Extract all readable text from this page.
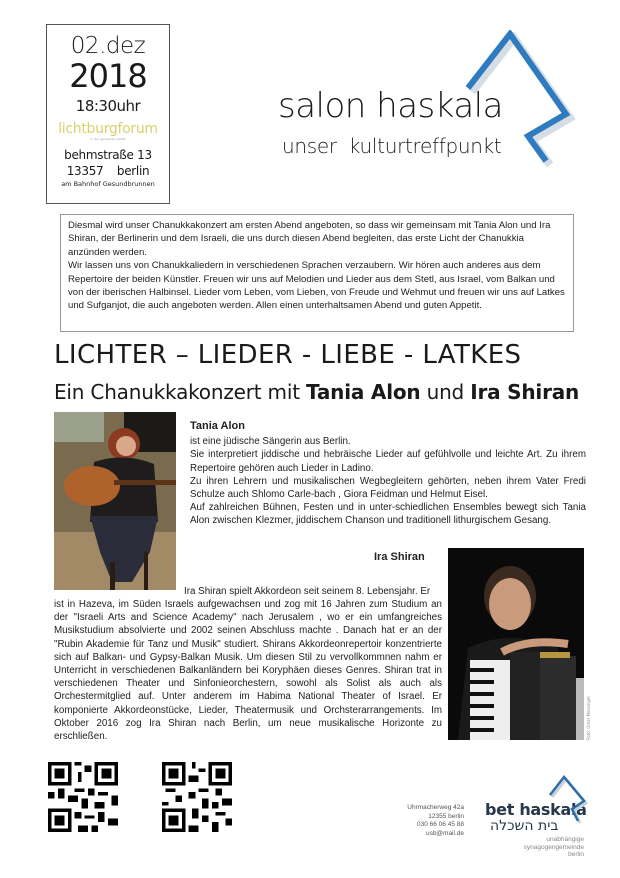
02.dez
2018
18:30uhr
lichtburgforum
in der gemeinde stadtk
behmstraße 13
13357 berlin
am Bahnhof Gesundbrunnen
salon haskala
unser kulturtreffpunkt

Diesmal wird unser Chanukkakonzert am ersten Abend angeboten, so dass wir gemeinsam mit Tania Alon und Ira Shiran, der Berlinerin und dem Israeli, die uns durch diesen Abend begleiten, das erste Licht der Chanukkia anzünden werden.

Wir lassen uns von Chanukkaliedern in verschiedenen Sprachen verzaubern. Wir hören auch anderes aus dem Repertoire der beiden Künstler. Freuen wir uns auf Melodien und Lieder aus dem Stetl, aus Israel, vom Balkan und von der iberischen Halbinsel. Lieder vom Leben, vom Lieben, von Freude und Wehmut und freuen wir uns auf Latkes und Sufganjot, die auch angeboten werden. Allen einen unterhaltsamen Abend und guten Appetit.

LICHTER – LIEDER - LIEBE - LATKES
Ein Chanukkakonzert mit Tania Alon und Ira Shiran
Tania Alon

ist eine jüdische Sängerin aus Berlin.

Sie interpretiert jiddische und hebräische Lieder auf gefühlvolle und leichte Art. Zu ihrem Repertoire gehören auch Lieder in Ladino.

Zu ihren Lehrern und musikalischen Wegbegleitern gehörten, neben ihrem Vater Fredi Schulze auch Shlomo Carle-bach , Giora Feidman und Helmut Eisel.

Auf zahlreichen Bühnen, Festen und in unter-schiedlichen Ensembles bewegt sich Tania Alon zwischen Klezmer, jiddischem Chanson und traditionell lithurgischem Gesang.

Ira Shiran
Ira Shiran spielt Akkordeon seit seinem 8. Lebensjahr. Er
ist in Hazeva, im Süden Israels aufgewachsen und zog mit 16 Jahren zum Studium an der "Israeli Arts and Science Academy" nach Jerusalem , wo er ein umfangreiches Musikstudium absolvierte und 2002 seinen Abschluss machte . Danach hat er an der "Rubin Akademie für Tanz und Musik" studiert. Shirans Akkordeonrepertoir konzentrierte sich auf Balkan- und Gypsy-Balkan Musik. Um diesen Stil zu vervollkommnen nahm er Unterricht in verschiedenen Balkanländern bei Koryphäen dieses Genres. Shiran trat in verschiedenen Theater und Sinfonieorchestern, sowohl als Solist als auch als Orchestermitglied auf. Unter anderem im Habima National Theater of Israel. Er komponierte Akkordeonstücke, Lieder, Theatermusik und Orchsterarrangements. Im Oktober 2016 zog Ira Shiran nach Berlin, um neue musikalische Horizonte zu erschließen.	Foto: Omer Messinger
Uhrmacherweg 42a
12355 berlin
030 66 06 45 88
usb@mail.de
bet haskala
בית השכלה
unabhängige
synagogengemeinde
berlin
